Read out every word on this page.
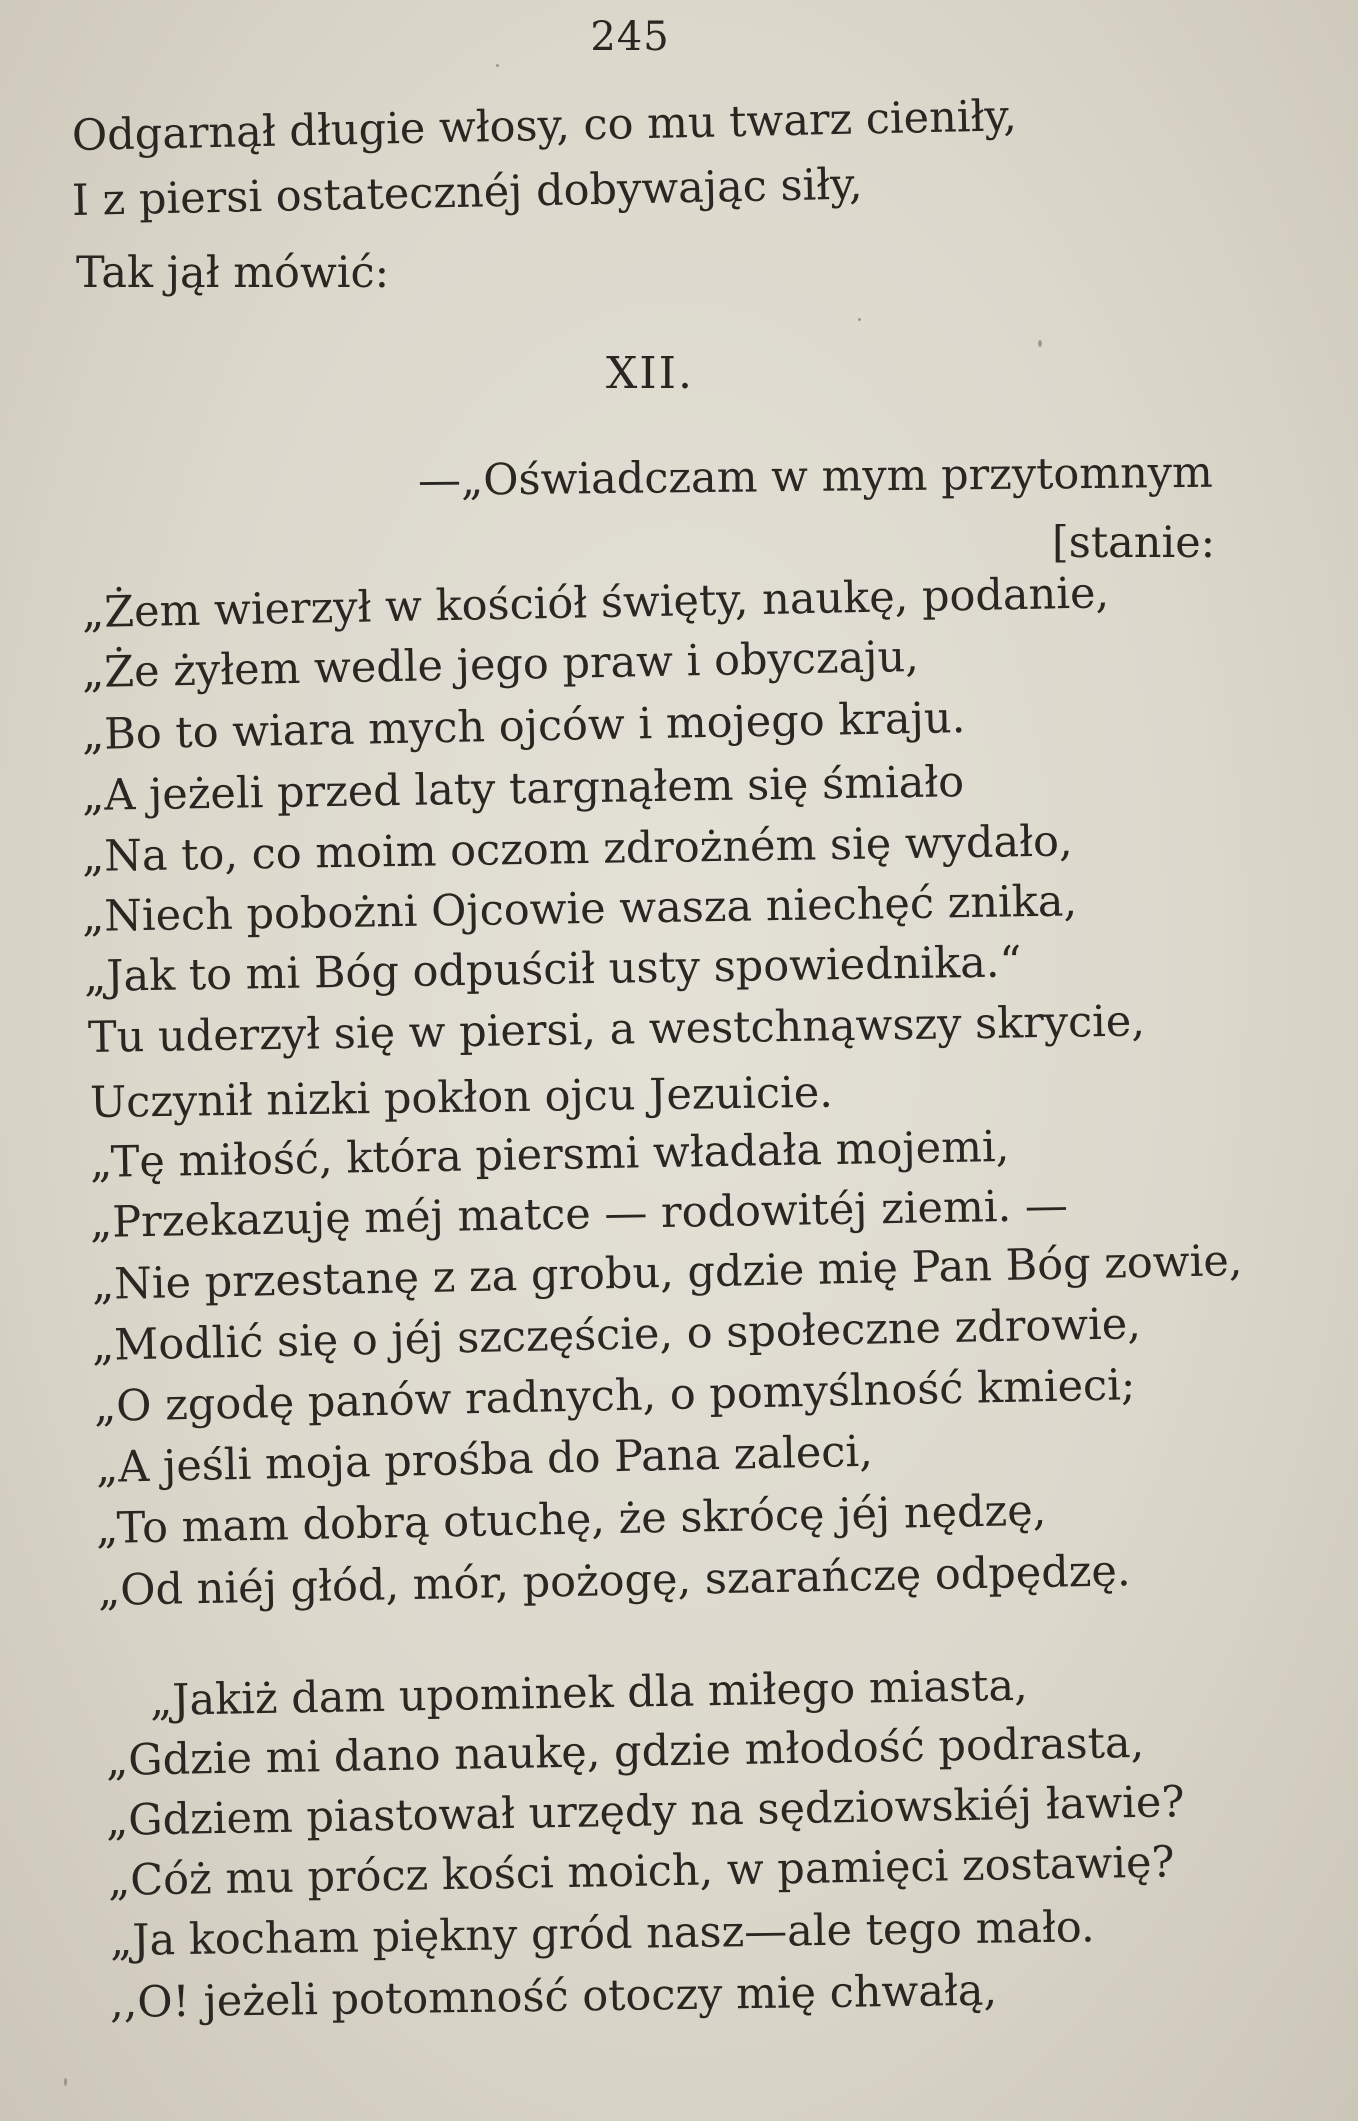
245
XII.
Odgarnął długie włosy, co mu twarz cieniły,
I z piersi ostatecznéj dobywając siły,
Tak jął mówić:
—„Oświadczam w mym przytomnym
[stanie:
„Żem wierzył w kościół święty, naukę, podanie,
„Że żyłem wedle jego praw i obyczaju,
„Bo to wiara mych ojców i mojego kraju.
„A jeżeli przed laty targnąłem się śmiało
„Na to, co moim oczom zdrożném się wydało,
„Niech pobożni Ojcowie wasza niechęć znika,
„Jak to mi Bóg odpuścił usty spowiednika.“
Tu uderzył się w piersi, a westchnąwszy skrycie,
Uczynił nizki pokłon ojcu Jezuicie.
„Tę miłość, która piersmi władała mojemi,
„Przekazuję méj matce — rodowitéj ziemi. —
„Nie przestanę z za grobu, gdzie mię Pan Bóg zowie,
„Modlić się o jéj szczęście, o społeczne zdrowie,
„O zgodę panów radnych, o pomyślność kmieci;
„A jeśli moja prośba do Pana zaleci,
„To mam dobrą otuchę, że skrócę jéj nędzę,
„Od niéj głód, mór, pożogę, szarańczę odpędzę.
„Jakiż dam upominek dla miłego miasta,
„Gdzie mi dano naukę, gdzie młodość podrasta,
„Gdziem piastował urzędy na sędziowskiéj ławie?
„Cóż mu prócz kości moich, w pamięci zostawię?
„Ja kocham piękny gród nasz—ale tego mało.
,,O! jeżeli potomność otoczy mię chwałą,
